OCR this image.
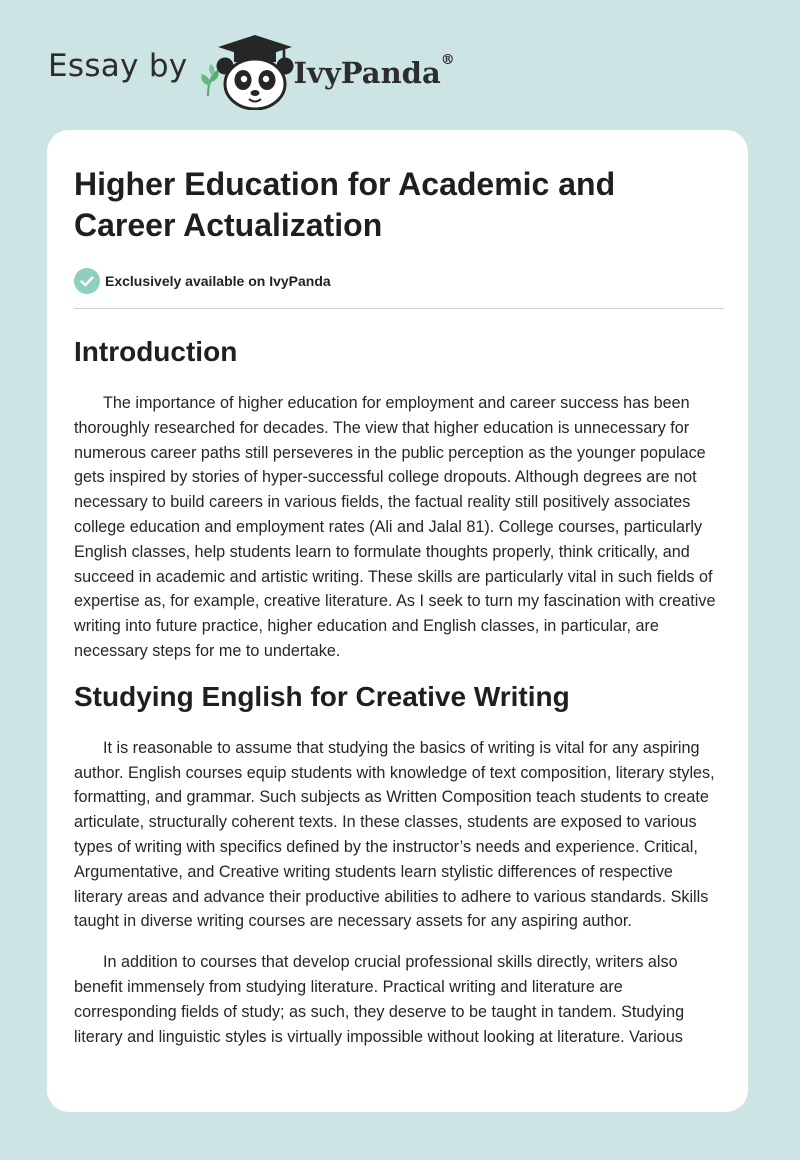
Essay by	IvyPanda®
Higher Education for Academic and Career Actualization
Exclusively available on IvyPanda
Introduction

The importance of higher education for employment and career success has been thoroughly researched for decades. The view that higher education is unnecessary for numerous career paths still perseveres in the public perception as the younger populace gets inspired by stories of hyper-successful college dropouts. Although degrees are not necessary to build careers in various fields, the factual reality still positively associates college education and employment rates (Ali and Jalal 81). College courses, particularly English classes, help students learn to formulate thoughts properly, think critically, and succeed in academic and artistic writing. These skills are particularly vital in such fields of expertise as, for example, creative literature. As I seek to turn my fascination with creative writing into future practice, higher education and English classes, in particular, are necessary steps for me to undertake.

Studying English for Creative Writing

It is reasonable to assume that studying the basics of writing is vital for any aspiring author. English courses equip students with knowledge of text composition, literary styles, formatting, and grammar. Such subjects as Written Composition teach students to create articulate, structurally coherent texts. In these classes, students are exposed to various types of writing with specifics defined by the instructor’s needs and experience. Critical, Argumentative, and Creative writing students learn stylistic differences of respective literary areas and advance their productive abilities to adhere to various standards. Skills taught in diverse writing courses are necessary assets for any aspiring author.

In addition to courses that develop crucial professional skills directly, writers also benefit immensely from studying literature. Practical writing and literature are corresponding fields of study; as such, they deserve to be taught in tandem. Studying literary and linguistic styles is virtually impossible without looking at literature. Various
